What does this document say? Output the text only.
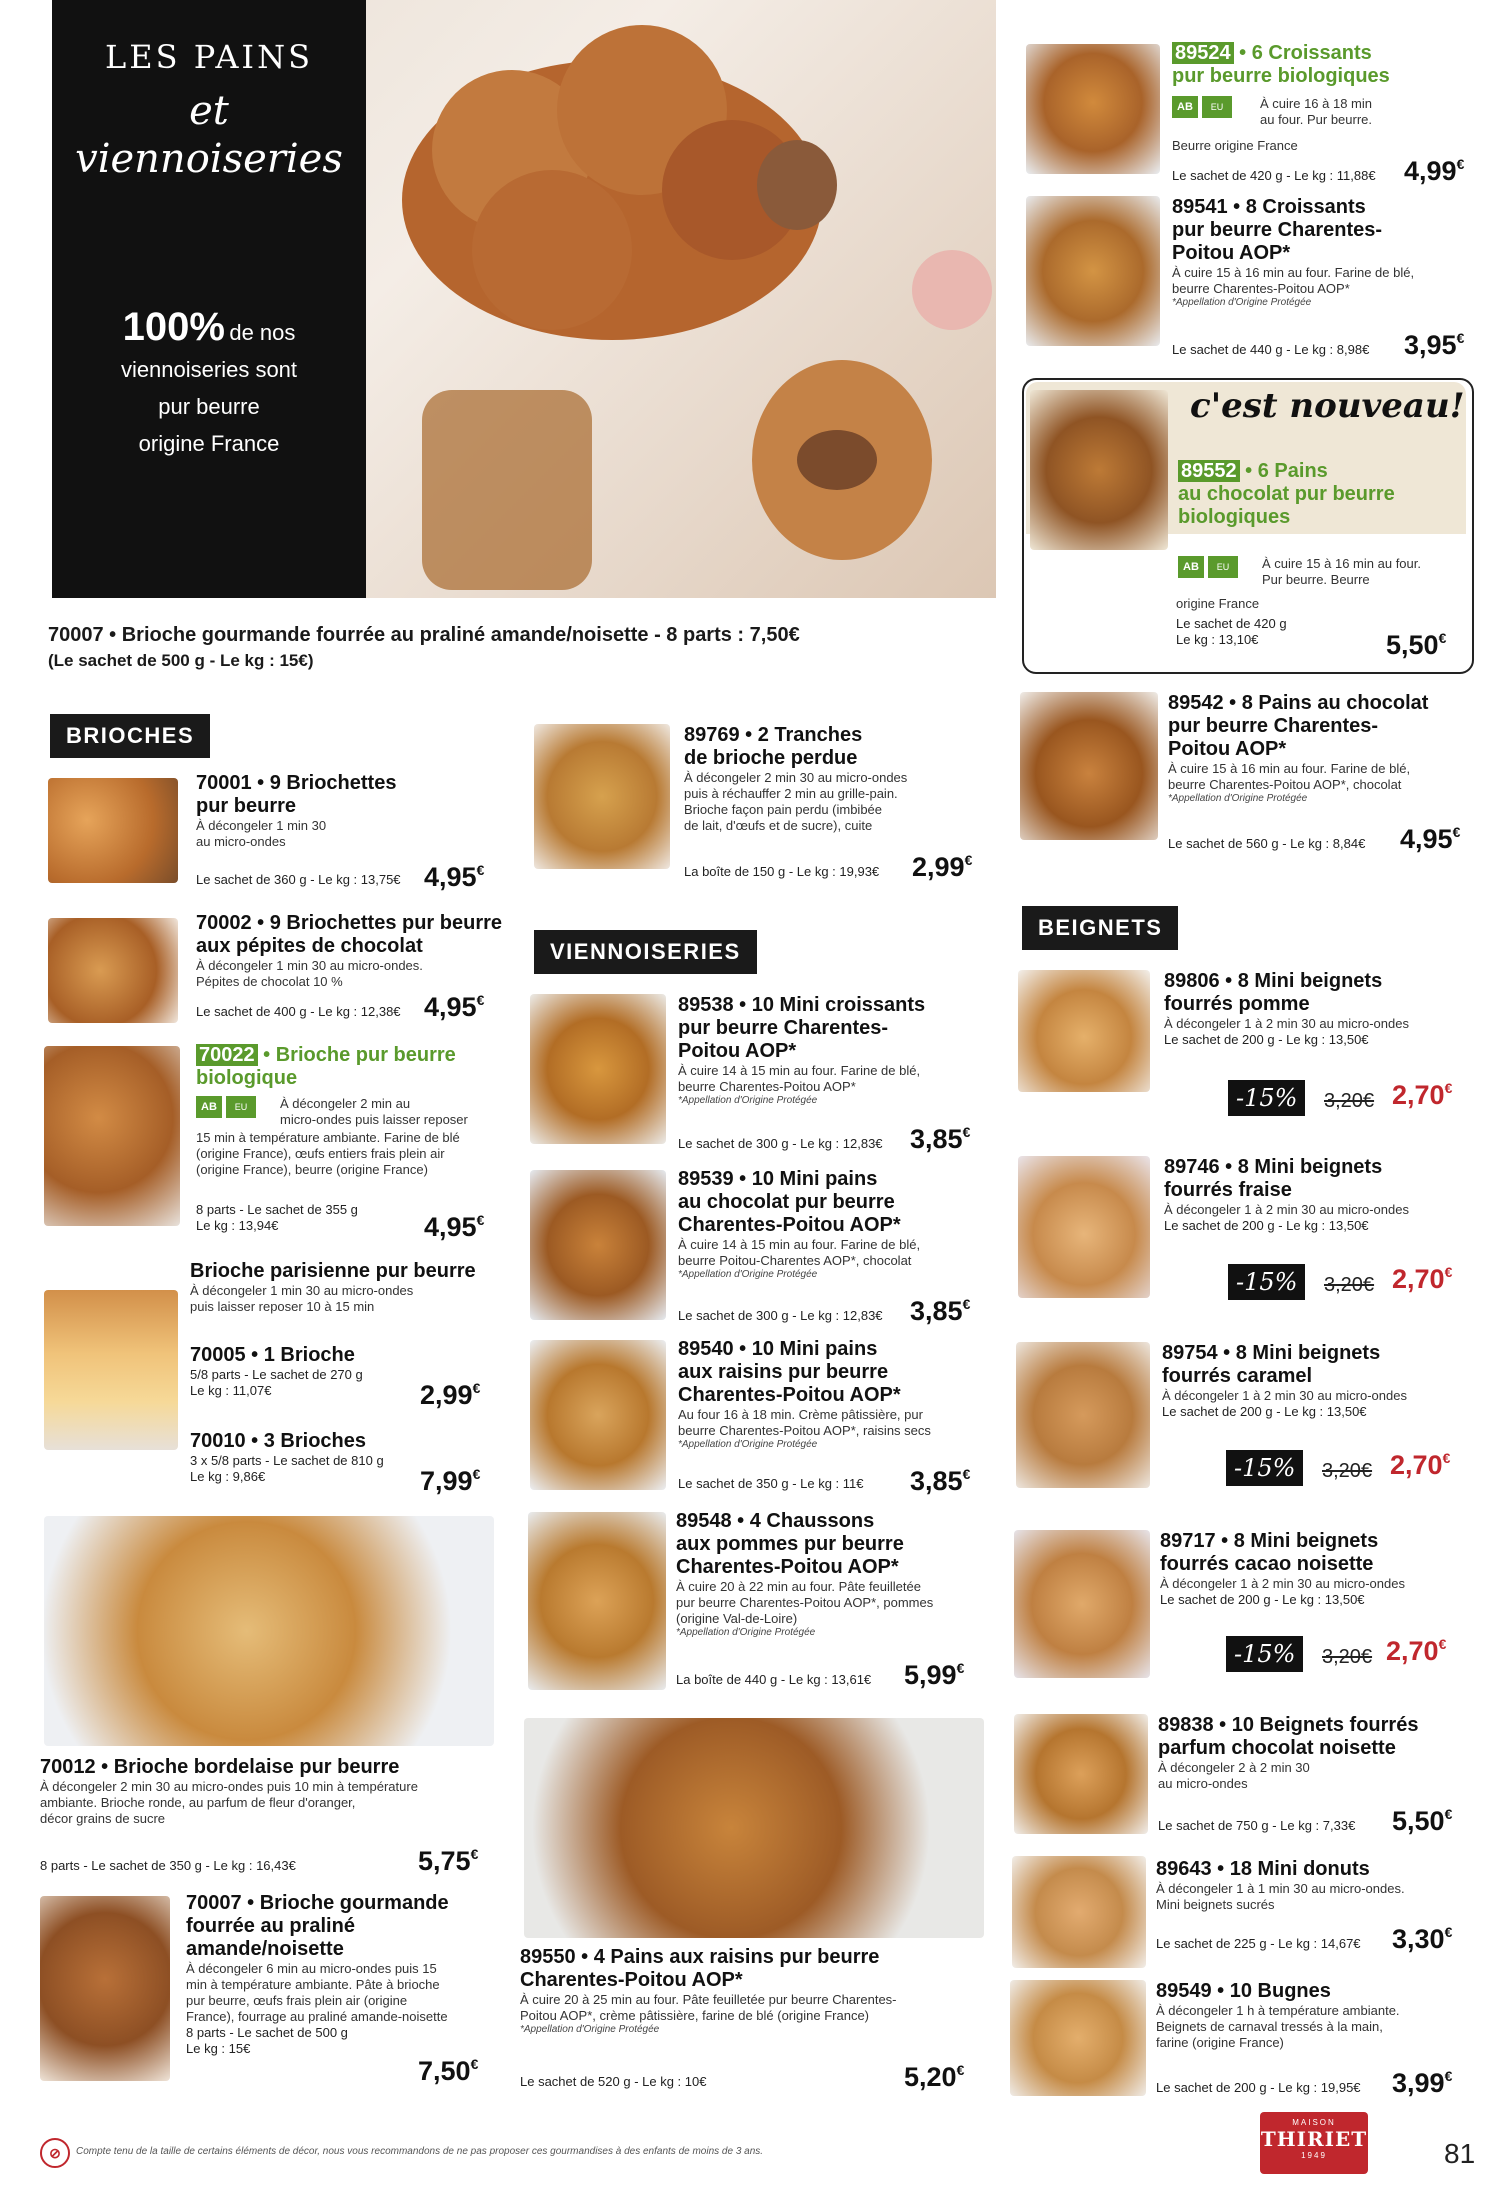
LES PAINS
et
viennoiseries
100% de nos
viennoiseries sont
pur beurre
origine France
70007 • Brioche gourmande fourrée au praliné amande/noisette - 8 parts : 7,50€
(Le sachet de 500 g - Le kg : 15€)
BRIOCHES
70001 • 9 Briochettes
pur beurre
À décongeler 1 min 30
au micro-ondes
Le sachet de 360 g - Le kg : 13,75€ 4,95€
70002 • 9 Briochettes pur beurre
aux pépites de chocolat
À décongeler 1 min 30 au micro-ondes.
Pépites de chocolat 10 %
Le sachet de 400 g - Le kg : 12,38€ 4,95€
70022 • Brioche pur beurre
biologique
AB EU	À décongeler 2 min au
micro-ondes puis laisser reposer
15 min à température ambiante. Farine de blé
(origine France), œufs entiers frais plein air
(origine France), beurre (origine France)
8 parts - Le sachet de 355 g
Le kg : 13,94€	4,95€
Brioche parisienne pur beurre
À décongeler 1 min 30 au micro-ondes
puis laisser reposer 10 à 15 min
70005 • 1 Brioche
5/8 parts - Le sachet de 270 g
Le kg : 11,07€	2,99€
70010 • 3 Brioches
3 x 5/8 parts - Le sachet de 810 g
Le kg : 9,86€	7,99€
70012 • Brioche bordelaise pur beurre
À décongeler 2 min 30 au micro-ondes puis 10 min à température
ambiante. Brioche ronde, au parfum de fleur d'oranger,
décor grains de sucre
8 parts - Le sachet de 350 g - Le kg : 16,43€	5,75€
70007 • Brioche gourmande
fourrée au praliné
amande/noisette
À décongeler 6 min au micro-ondes puis 15
min à température ambiante. Pâte à brioche
pur beurre, œufs frais plein air (origine
France), fourrage au praliné amande-noisette
8 parts - Le sachet de 500 g
Le kg : 15€
7,50€
89769 • 2 Tranches
de brioche perdue
À décongeler 2 min 30 au micro-ondes
puis à réchauffer 2 min au grille-pain.
Brioche façon pain perdu (imbibée
de lait, d'œufs et de sucre), cuite
La boîte de 150 g - Le kg : 19,93€ 2,99€
VIENNOISERIES
89538 • 10 Mini croissants
pur beurre Charentes-
Poitou AOP*
À cuire 14 à 15 min au four. Farine de blé,
beurre Charentes-Poitou AOP*
*Appellation d'Origine Protégée
Le sachet de 300 g - Le kg : 12,83€ 3,85€
89539 • 10 Mini pains
au chocolat pur beurre
Charentes-Poitou AOP*
À cuire 14 à 15 min au four. Farine de blé,
beurre Poitou-Charentes AOP*, chocolat
*Appellation d'Origine Protégée
Le sachet de 300 g - Le kg : 12,83€ 3,85€
89540 • 10 Mini pains
aux raisins pur beurre
Charentes-Poitou AOP*
Au four 16 à 18 min. Crème pâtissière, pur
beurre Charentes-Poitou AOP*, raisins secs
*Appellation d'Origine Protégée
Le sachet de 350 g - Le kg : 11€ 3,85€
89548 • 4 Chaussons
aux pommes pur beurre
Charentes-Poitou AOP*
À cuire 20 à 22 min au four. Pâte feuilletée
pur beurre Charentes-Poitou AOP*, pommes
(origine Val-de-Loire)
*Appellation d'Origine Protégée
La boîte de 440 g - Le kg : 13,61€ 5,99€
89550 • 4 Pains aux raisins pur beurre
Charentes-Poitou AOP*
À cuire 20 à 25 min au four. Pâte feuilletée pur beurre Charentes-
Poitou AOP*, crème pâtissière, farine de blé (origine France)
*Appellation d'Origine Protégée
Le sachet de 520 g - Le kg : 10€	5,20€
89524 • 6 Croissants
pur beurre biologiques
AB EU	À cuire 16 à 18 min
au four. Pur beurre.
Beurre origine France
Le sachet de 420 g - Le kg : 11,88€ 4,99€
89541 • 8 Croissants
pur beurre Charentes-
Poitou AOP*
À cuire 15 à 16 min au four. Farine de blé,
beurre Charentes-Poitou AOP*
*Appellation d'Origine Protégée
Le sachet de 440 g - Le kg : 8,98€ 3,95€
c'est nouveau!
89552 • 6 Pains
au chocolat pur beurre
biologiques
AB EU	À cuire 15 à 16 min au four.
Pur beurre. Beurre
origine France
Le sachet de 420 g
Le kg : 13,10€	5,50€
89542 • 8 Pains au chocolat
pur beurre Charentes-
Poitou AOP*
À cuire 15 à 16 min au four. Farine de blé,
beurre Charentes-Poitou AOP*, chocolat
*Appellation d'Origine Protégée
Le sachet de 560 g - Le kg : 8,84€ 4,95€
BEIGNETS
89806 • 8 Mini beignets
fourrés pomme
À décongeler 1 à 2 min 30 au micro-ondes
Le sachet de 200 g - Le kg : 13,50€
-15%	3,20€ 2,70€
89746 • 8 Mini beignets
fourrés fraise
À décongeler 1 à 2 min 30 au micro-ondes
Le sachet de 200 g - Le kg : 13,50€
-15%	3,20€ 2,70€
89754 • 8 Mini beignets
fourrés caramel
À décongeler 1 à 2 min 30 au micro-ondes
Le sachet de 200 g - Le kg : 13,50€
-15%	3,20€ 2,70€
89717 • 8 Mini beignets
fourrés cacao noisette
À décongeler 1 à 2 min 30 au micro-ondes
Le sachet de 200 g - Le kg : 13,50€
-15%	3,20€ 2,70€
89838 • 10 Beignets fourrés
parfum chocolat noisette
À décongeler 2 à 2 min 30
au micro-ondes
Le sachet de 750 g - Le kg : 7,33€ 5,50€
89643 • 18 Mini donuts
À décongeler 1 à 1 min 30 au micro-ondes.
Mini beignets sucrés
Le sachet de 225 g - Le kg : 14,67€ 3,30€
89549 • 10 Bugnes
À décongeler 1 h à température ambiante.
Beignets de carnaval tressés à la main,
farine (origine France)
Le sachet de 200 g - Le kg : 19,95€ 3,99€
⊘	Compte tenu de la taille de certains éléments de décor, nous vous recommandons de ne pas proposer ces gourmandises à des enfants de moins de 3 ans.
MAISON
THIRIET
1949	81
